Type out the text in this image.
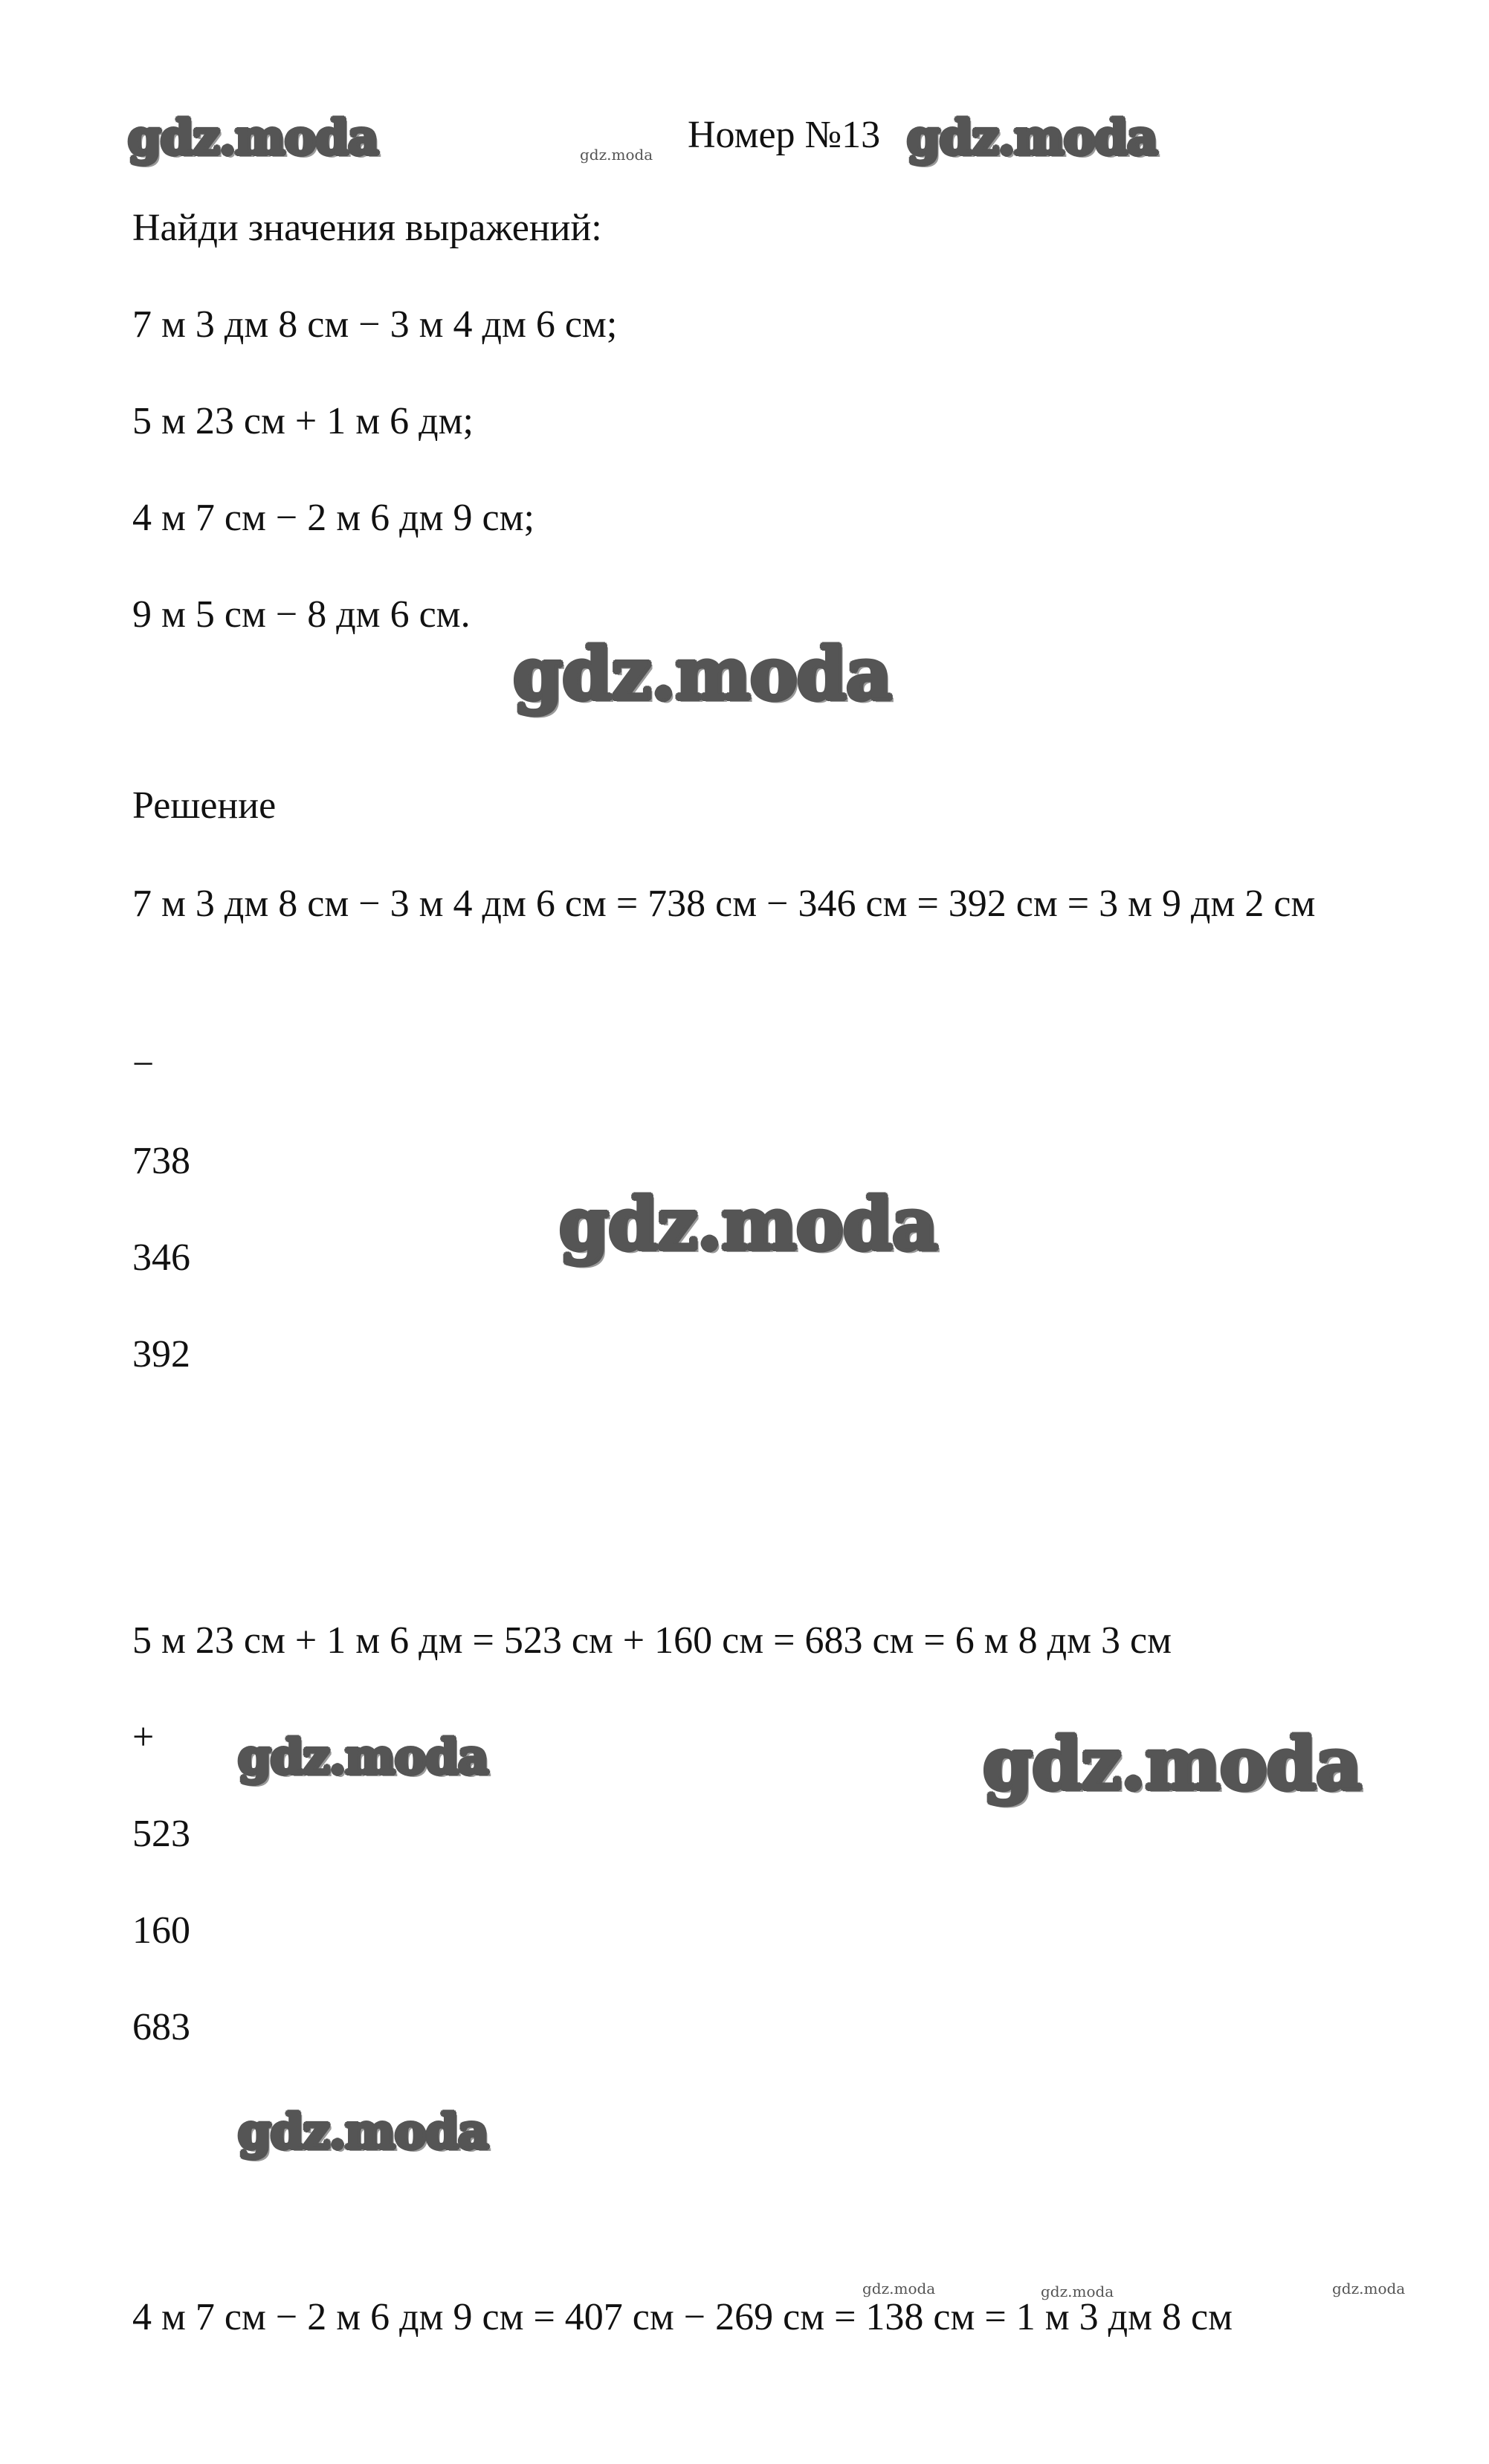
gdz.moda	gdz.moda Номер №13 gdz.moda
Найди значения выражений:
7 м 3 дм 8 см − 3 м 4 дм 6 см;
5 м 23 см + 1 м 6 дм;
4 м 7 см − 2 м 6 дм 9 см;
9 м 5 см − 8 дм 6 см.
gdz.moda
Решение
7 м 3 дм 8 см − 3 м 4 дм 6 см = 738 см − 346 см = 392 см = 3 м 9 дм 2 см
−
738
346
392
gdz.moda
5 м 23 см + 1 м 6 дм = 523 см + 160 см = 683 см = 6 м 8 дм 3 см
+ gdz.moda	gdz.moda
523
160
683
gdz.moda
gdz.moda	gdz.moda	gdz.moda
4 м 7 см − 2 м 6 дм 9 см = 407 см − 269 см = 138 см = 1 м 3 дм 8 см
